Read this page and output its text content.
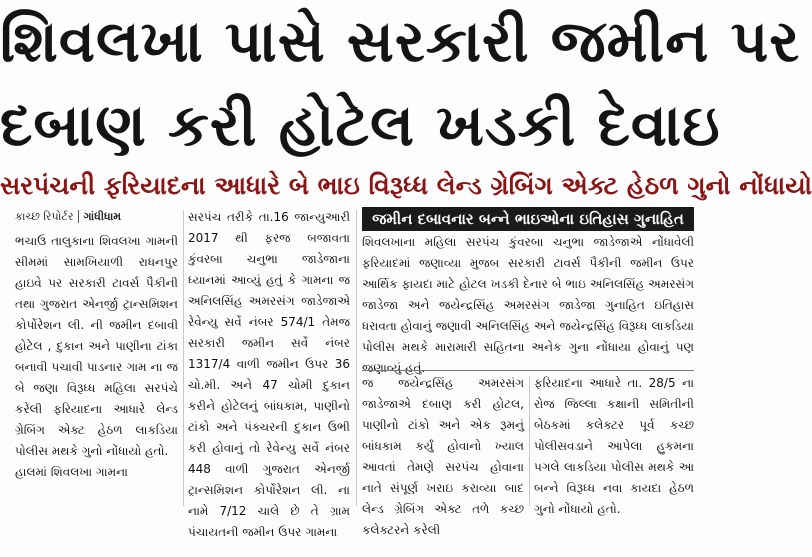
શિવલખા પાસે સરકારી જમીન પર
દબાણ કરી હોટેલ ખડકી દેવાઇ
સરપંચની ફરિયાદના આધારે બે ભાઇ વિરૂધ્ધ લેન્ડ ગ્રેબિંગ એક્ટ હેઠળ ગુનો નોંધાયો
કાચ્છ રિપોર્ટર ગાંધીધામ

ભચાઉ તાલુકાના શિવલખા ગામની સીમમાં સામખિયાળી રાધનપુર હાઇવે પર સરકારી ટાવર્સ પૈકીની તથા ગુજરાત એનર્જી ટ્રાન્સમિશન કોર્પોરેશન લી. ની જમીન દબાવી હોટેલ , દુકાન અને પાણીના ટાંકા બનાવી પચાવી પાડનાર ગામ ના જ બે જણા વિરૂધ્ધ મહિલા સરપંચે કરેલી ફરિયાદના આધારે લેન્ડ ગ્રેબિંગ એક્ટ હેઠળ લાકડિયા પોલીસ મથકે ગુનો નોંધાયો હતો.

હાલમાં શિવલખા ગામના

સરપંચ તરીકે તા.16 જાન્યુઆરી 2017 થી ફરજ બજાવતા કુંવરબા ચનુભા જાડેજાના ધ્યાનમાં આવ્યું હતું કે ગામના જ અનિલસિંહ અમરસંગ જાડેજાએ રેવેન્યુ સર્વે નંબર 574/1 તેમજ સરકારી જમીન સર્વે નંબર 1317/4 વાળી જમીન ઉપર 36 ચો.મી. અને 47 ચોમી દુકાન કરીને હોટેલનું બાંધકામ, પાણીનો ટાંકો અને પંક્ચરની દુકાન ઉભી કરી હોવાનું તો રેવેન્યુ સર્વે નંબર 448 વાળી ગુજરાત એનર્જી ટ્રાન્સમિશન કોર્પોરેશન લી. ના નામે 7/12 ચાલે છે તે ગ્રામ પંચાયતની જમીન ઉપર ગામના

જમીન દબાવનાર બન્ને ભાઇઓના ઇતિહાસ ગુનાહિત
શિવલખાના મહિલા સરપંચ કુંવરબા ચનુભા જાડેજાએ નોંધાવેલી ફરિયાદમાં જણાવ્યા મુજબ સરકારી ટાવર્સ પૈકીની જમીન ઉપર આર્થિક ફાયદા માટે હોટલ ખડકી દેનાર બે ભાઇ અનિલસિંહ અમરસંગ જાડેજા અને જયેન્દ્રસિંહ અમરસંગ જાડેજા ગુનાહિત ઇતિહાસ ધરાવતા હોવાનું જણાવી અનિલસિંહ અને જયેન્દ્રસિંહ વિરૂધ્ધ લાકડિયા પોલીસ મથકે મારામારી સહિતના અનેક ગુના નોંધાયા હોવાનું પણ જણાવ્યું હતું.
જ જયેન્દ્રસિંહ અમરસંગ જાડેજાએ દબાણ કરી હોટલ, પાણીનો ટાંકો અને એક રૂમનું બાંધકામ કર્યું હોવાનો ખ્યાલ આવતાં તેમણે સરપંચ હોવાના નાતે સંપૂર્ણ ખરાઇ કરાવ્યા બાદ લેન્ડ ગ્રેબિંગ એક્ટ તળે કચ્છ કલેક્ટરને કરેલી
ફરિયાદના આધારે તા. 28/5 ના રોજ જિલ્લા કક્ષાની સમિતીની બેઠકમાં કલેક્ટર પૂર્વ કચ્છ પોલીસવડાને આપેલા હુકમના પગલે લાકડિયા પોલીસ મથકે આ બન્ને વિરૂધ્ધ નવા કાયદા હેઠળ ગુનો નોંધાયો હતો.
